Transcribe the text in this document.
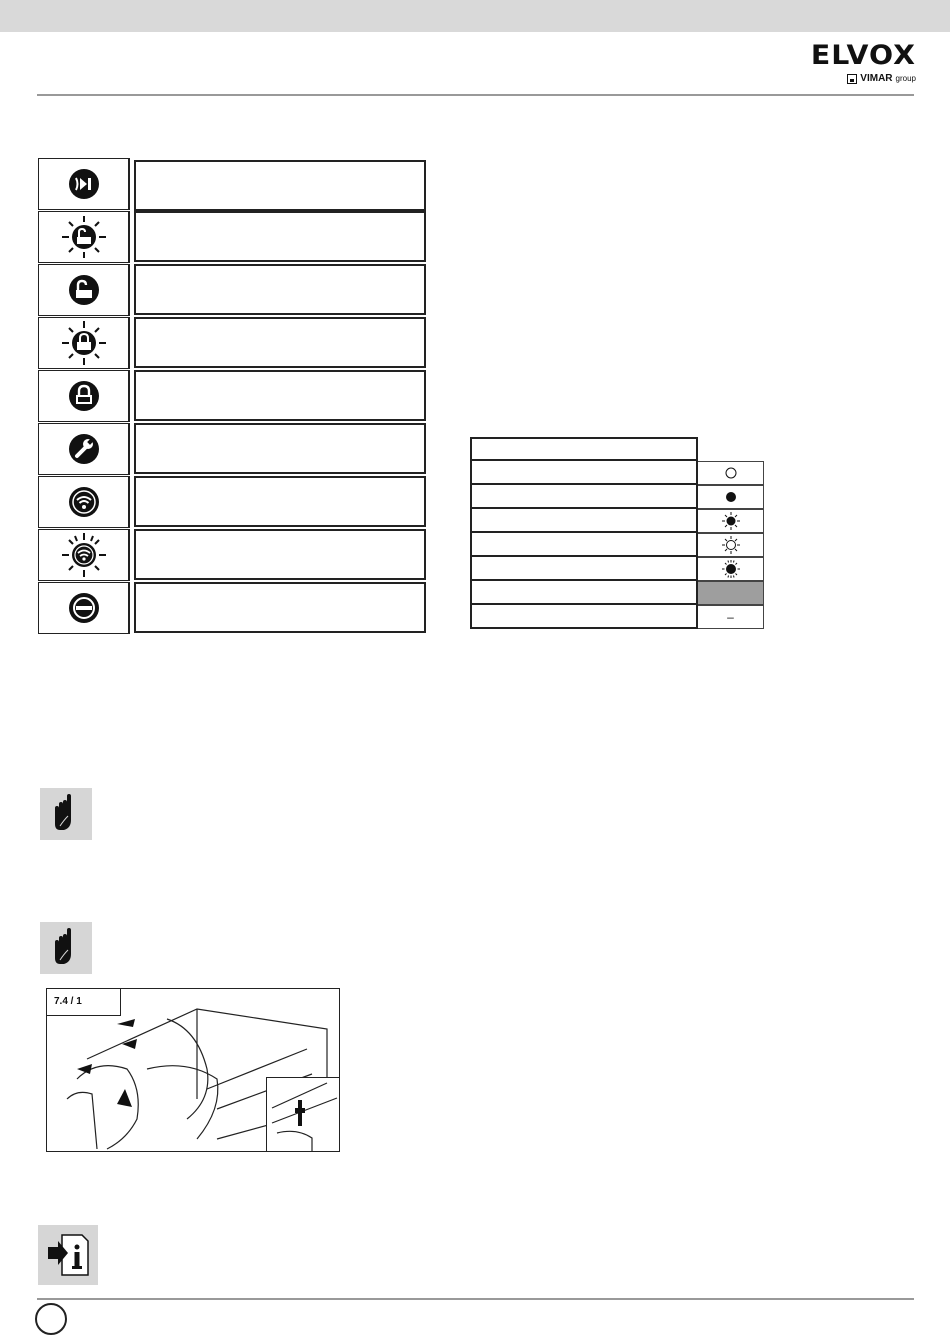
ELVOX
VIMAR group
–
7.4 / 1
